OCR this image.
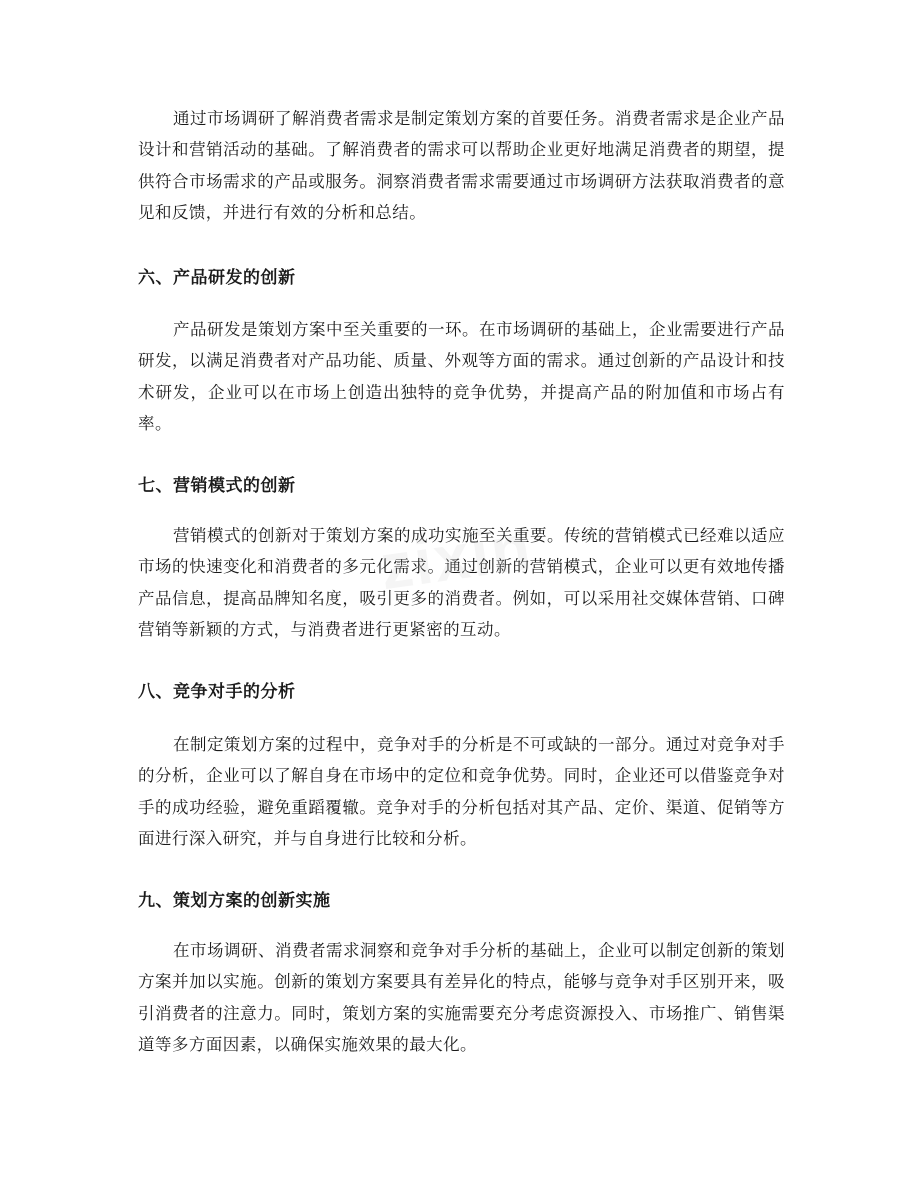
通过市场调研了解消费者需求是制定策划方案的首要任务。消费者需求是企业产品设计和营销活动的基础。了解消费者的需求可以帮助企业更好地满足消费者的期望，提供符合市场需求的产品或服务。洞察消费者需求需要通过市场调研方法获取消费者的意见和反馈，并进行有效的分析和总结。

六、产品研发的创新

产品研发是策划方案中至关重要的一环。在市场调研的基础上，企业需要进行产品研发，以满足消费者对产品功能、质量、外观等方面的需求。通过创新的产品设计和技术研发，企业可以在市场上创造出独特的竞争优势，并提高产品的附加值和市场占有率。

七、营销模式的创新

营销模式的创新对于策划方案的成功实施至关重要。传统的营销模式已经难以适应市场的快速变化和消费者的多元化需求。通过创新的营销模式，企业可以更有效地传播产品信息，提高品牌知名度，吸引更多的消费者。例如，可以采用社交媒体营销、口碑营销等新颖的方式，与消费者进行更紧密的互动。

八、竞争对手的分析

在制定策划方案的过程中，竞争对手的分析是不可或缺的一部分。通过对竞争对手的分析，企业可以了解自身在市场中的定位和竞争优势。同时，企业还可以借鉴竞争对手的成功经验，避免重蹈覆辙。竞争对手的分析包括对其产品、定价、渠道、促销等方面进行深入研究，并与自身进行比较和分析。

九、策划方案的创新实施

在市场调研、消费者需求洞察和竞争对手分析的基础上，企业可以制定创新的策划方案并加以实施。创新的策划方案要具有差异化的特点，能够与竞争对手区别开来，吸引消费者的注意力。同时，策划方案的实施需要充分考虑资源投入、市场推广、销售渠道等多方面因素，以确保实施效果的最大化。

zixin
